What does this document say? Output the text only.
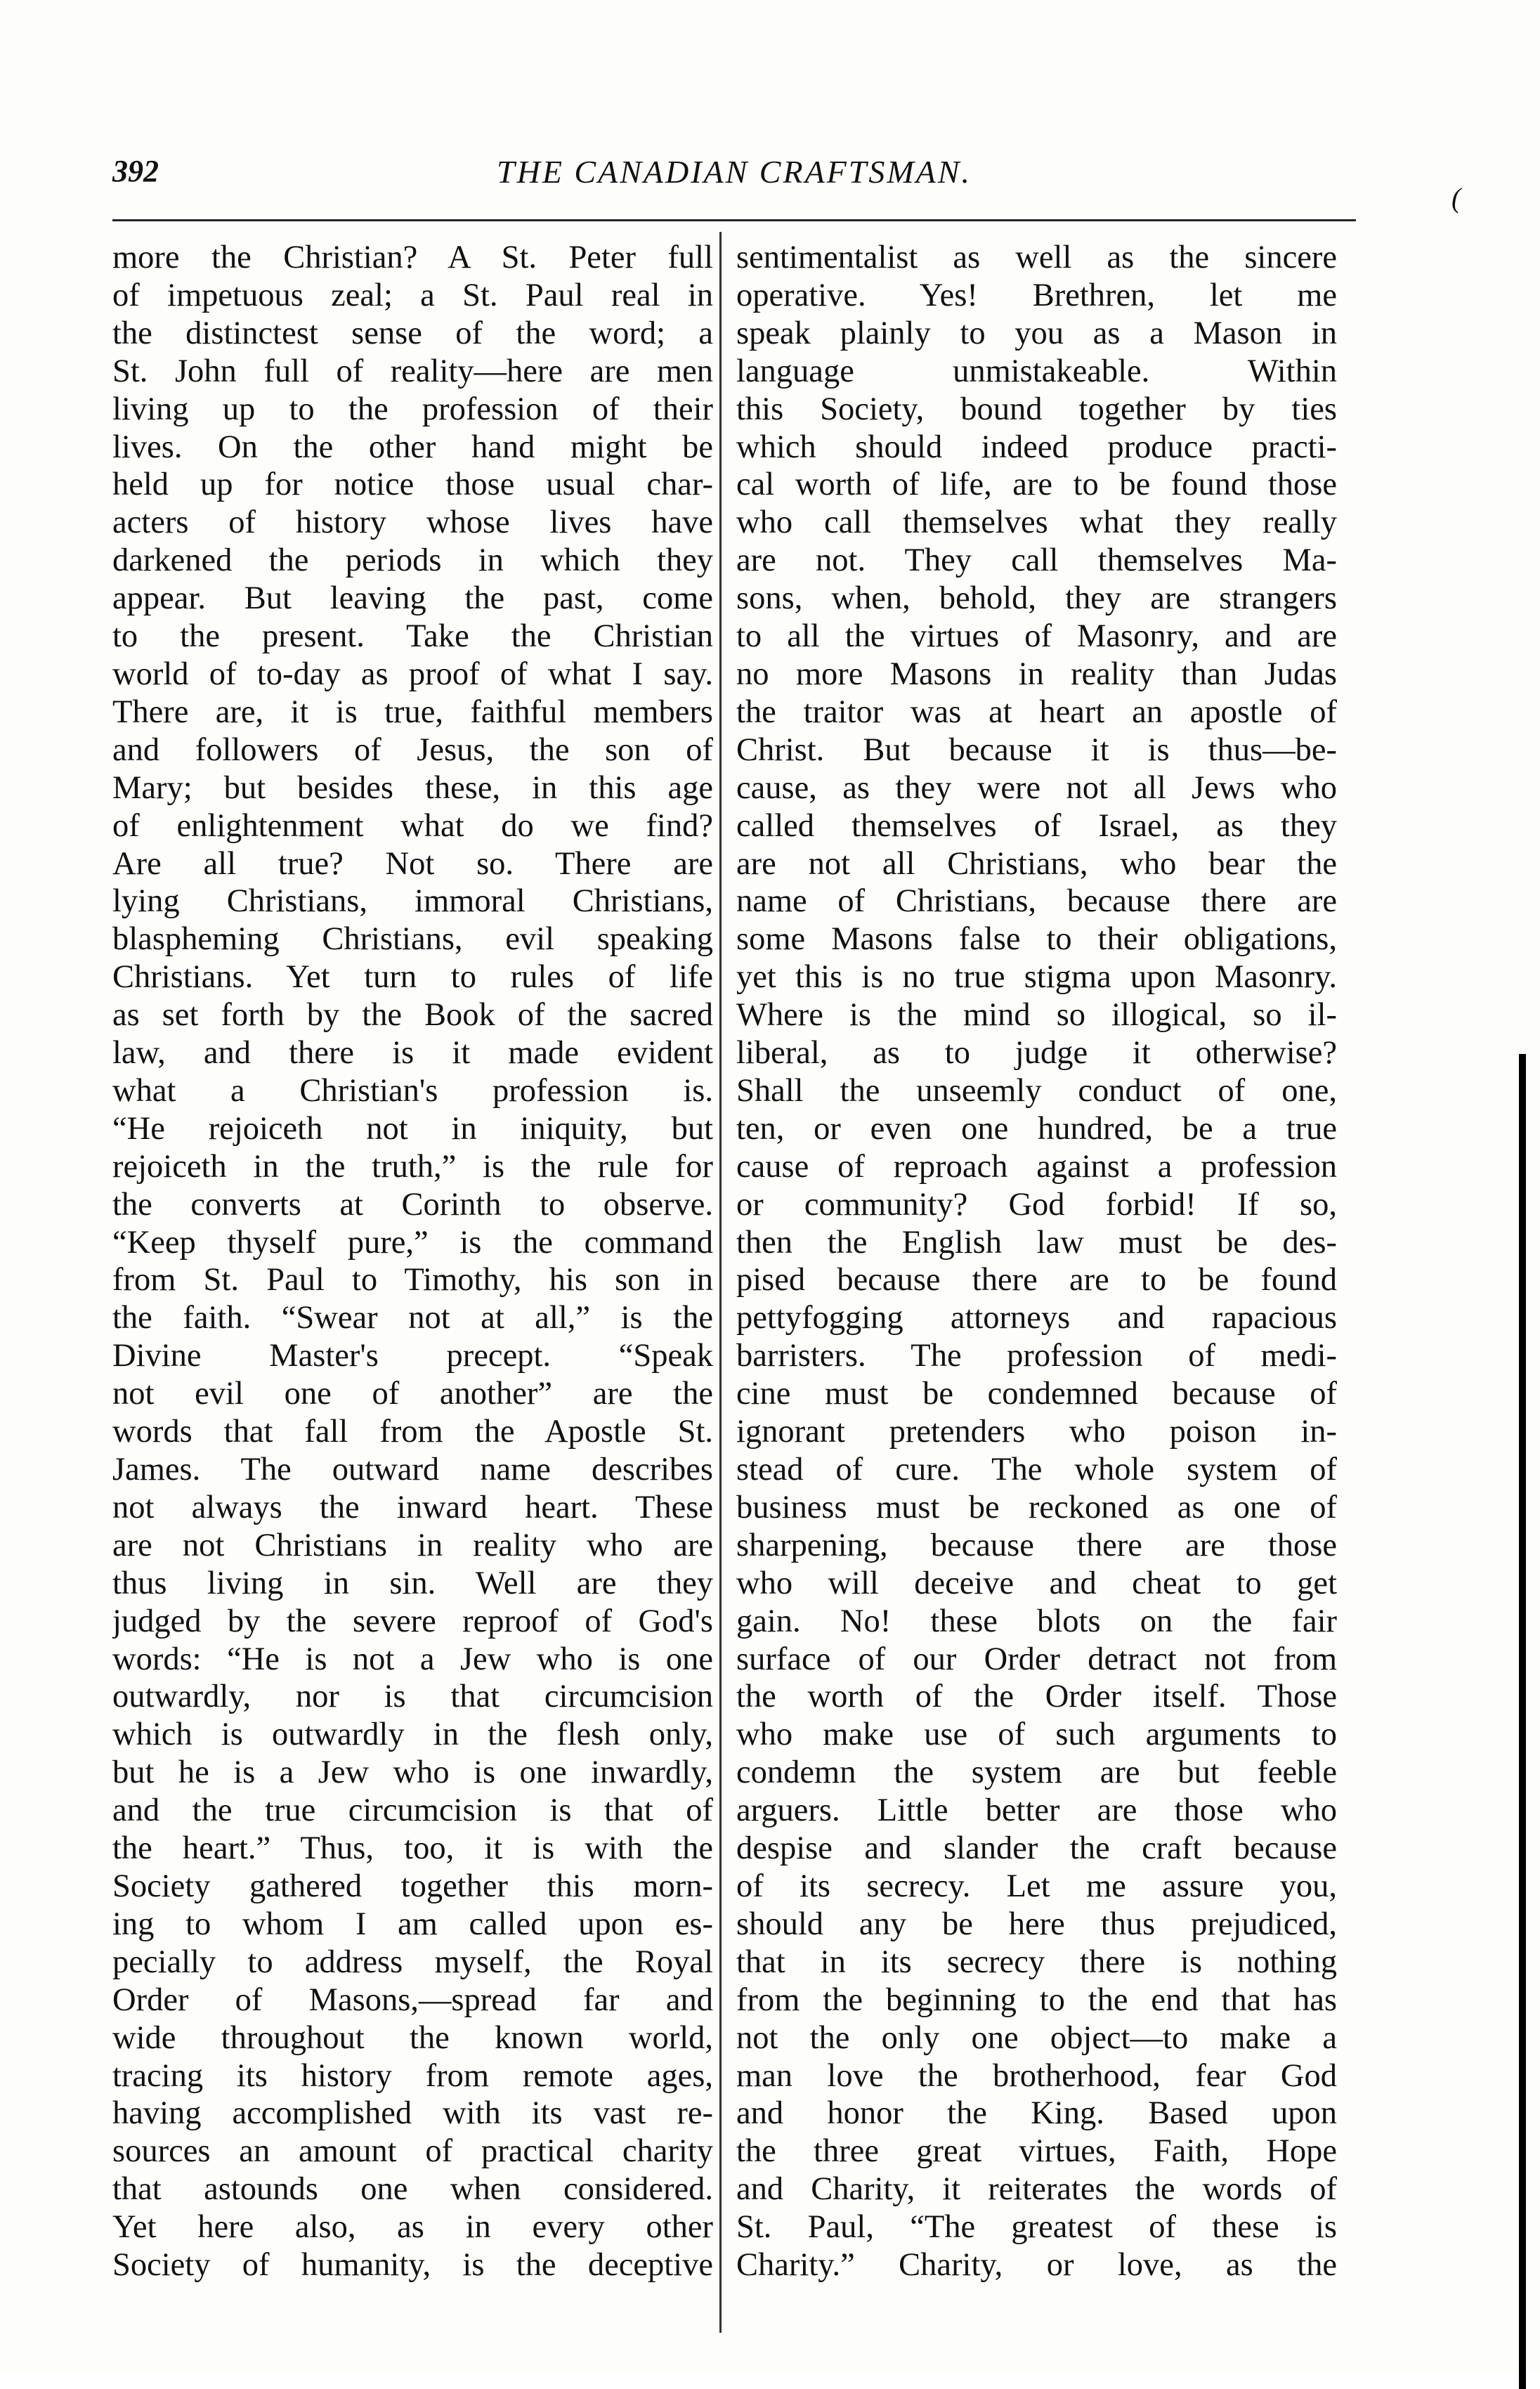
392	THE CANADIAN CRAFTSMAN.
(
more the Christian? A St. Peter full
of impetuous zeal; a St. Paul real in
the distinctest sense of the word; a
St. John full of reality—here are men
living up to the profession of their
lives. On the other hand might be
held up for notice those usual char-
acters of history whose lives have
darkened the periods in which they
appear. But leaving the past, come
to the present. Take the Christian
world of to-day as proof of what I say.
There are, it is true, faithful members
and followers of Jesus, the son of
Mary; but besides these, in this age
of enlightenment what do we find?
Are all true? Not so. There are
lying Christians, immoral Christians,
blaspheming Christians, evil speaking
Christians. Yet turn to rules of life
as set forth by the Book of the sacred
law, and there is it made evident
what a Christian's profession is.
“He rejoiceth not in iniquity, but
rejoiceth in the truth,” is the rule for
the converts at Corinth to observe.
“Keep thyself pure,” is the command
from St. Paul to Timothy, his son in
the faith. “Swear not at all,” is the
Divine Master's precept. “Speak
not evil one of another” are the
words that fall from the Apostle St.
James. The outward name describes
not always the inward heart. These
are not Christians in reality who are
thus living in sin. Well are they
judged by the severe reproof of God's
words: “He is not a Jew who is one
outwardly, nor is that circumcision
which is outwardly in the flesh only,
but he is a Jew who is one inwardly,
and the true circumcision is that of
the heart.” Thus, too, it is with the
Society gathered together this morn-
ing to whom I am called upon es-
pecially to address myself, the Royal
Order of Masons,—spread far and
wide throughout the known world,
tracing its history from remote ages,
having accomplished with its vast re-
sources an amount of practical charity
that astounds one when considered.
Yet here also, as in every other
Society of humanity, is the deceptive
sentimentalist as well as the sincere
operative. Yes! Brethren, let me
speak plainly to you as a Mason in
language unmistakeable. Within
this Society, bound together by ties
which should indeed produce practi-
cal worth of life, are to be found those
who call themselves what they really
are not. They call themselves Ma-
sons, when, behold, they are strangers
to all the virtues of Masonry, and are
no more Masons in reality than Judas
the traitor was at heart an apostle of
Christ. But because it is thus—be-
cause, as they were not all Jews who
called themselves of Israel, as they
are not all Christians, who bear the
name of Christians, because there are
some Masons false to their obligations,
yet this is no true stigma upon Masonry.
Where is the mind so illogical, so il-
liberal, as to judge it otherwise?
Shall the unseemly conduct of one,
ten, or even one hundred, be a true
cause of reproach against a profession
or community? God forbid! If so,
then the English law must be des-
pised because there are to be found
pettyfogging attorneys and rapacious
barristers. The profession of medi-
cine must be condemned because of
ignorant pretenders who poison in-
stead of cure. The whole system of
business must be reckoned as one of
sharpening, because there are those
who will deceive and cheat to get
gain. No! these blots on the fair
surface of our Order detract not from
the worth of the Order itself. Those
who make use of such arguments to
condemn the system are but feeble
arguers. Little better are those who
despise and slander the craft because
of its secrecy. Let me assure you,
should any be here thus prejudiced,
that in its secrecy there is nothing
from the beginning to the end that has
not the only one object—to make a
man love the brotherhood, fear God
and honor the King. Based upon
the three great virtues, Faith, Hope
and Charity, it reiterates the words of
St. Paul, “The greatest of these is
Charity.” Charity, or love, as the
